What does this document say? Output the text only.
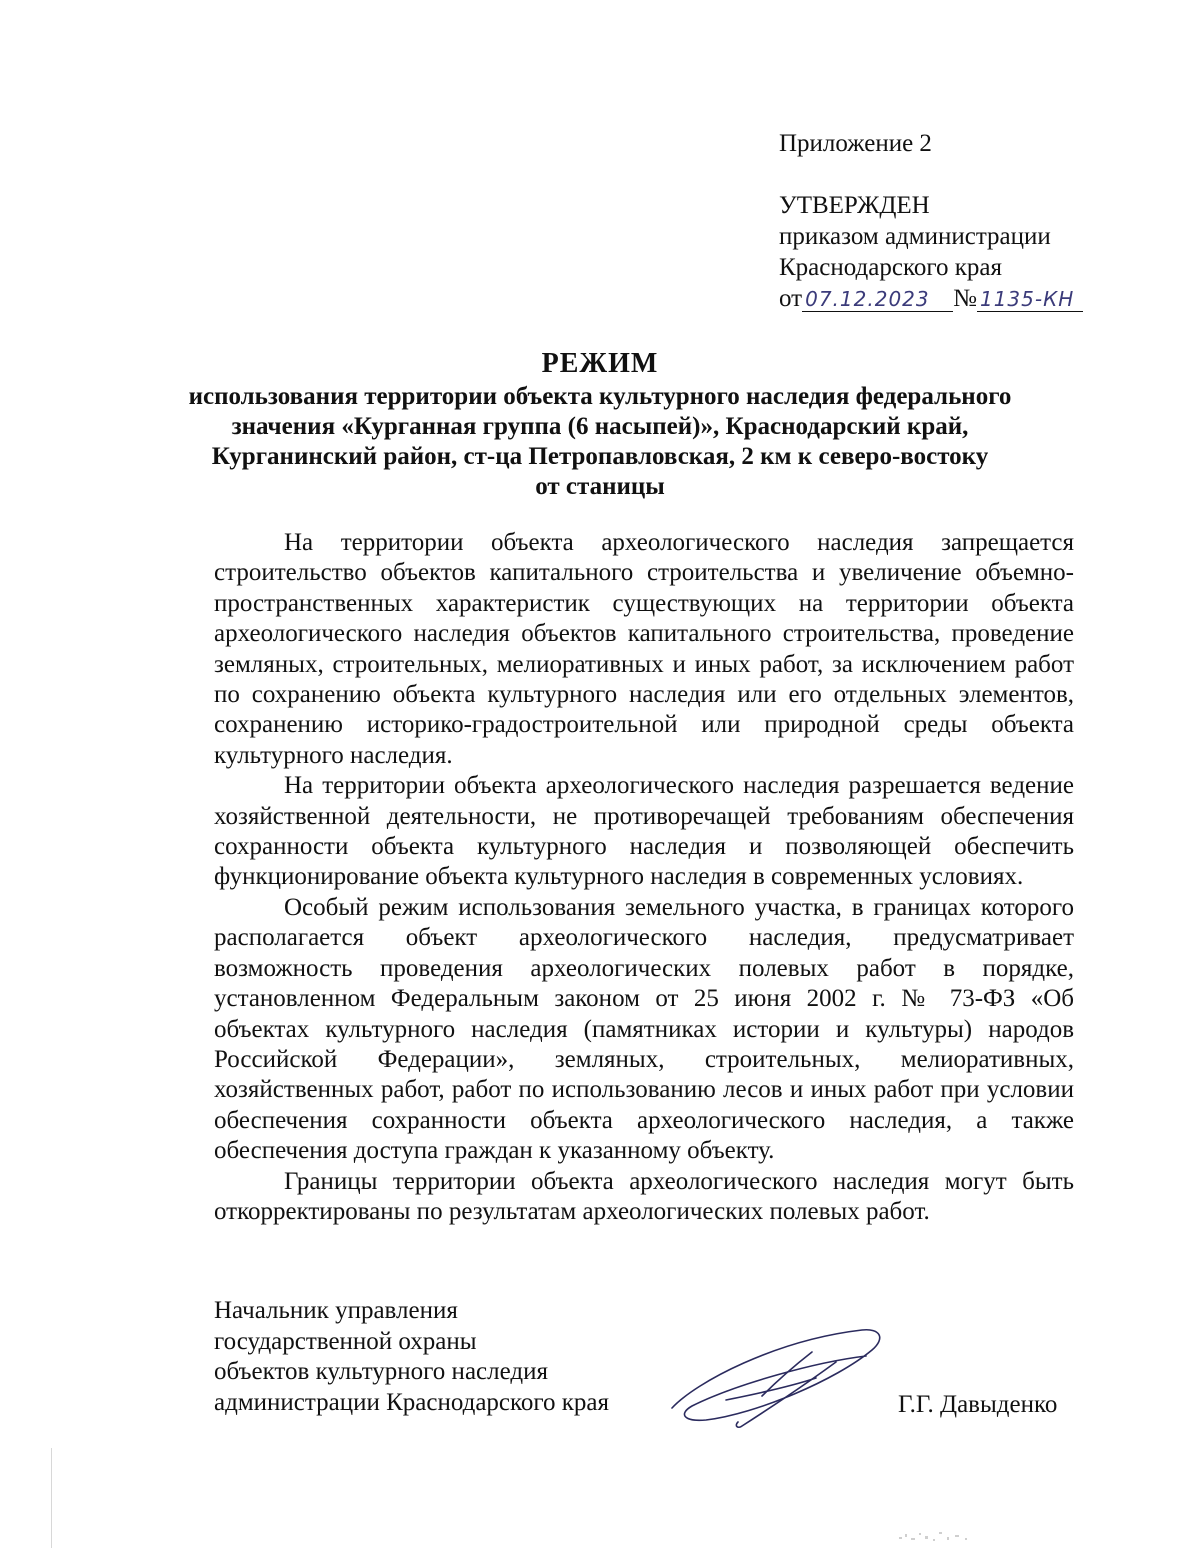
Приложение 2
УТВЕРЖДЕН
приказом администрации
Краснодарского края
от 07.12.2023 № 1135-КН
РЕЖИМ
использования территории объекта культурного наследия федерального
значения «Курганная группа (6 насыпей)», Краснодарский край,
Курганинский район, ст-ца Петропавловская, 2 км к северо-востоку
от станицы

На территории объекта археологического наследия запрещается строительство объектов капитального строительства и увеличение объемно-пространственных характеристик существующих на территории объекта археологического наследия объектов капитального строительства, проведение земляных, строительных, мелиоративных и иных работ, за исключением работ по сохранению объекта культурного наследия или его отдельных элементов, сохранению историко-градостроительной или природной среды объекта культурного наследия.

На территории объекта археологического наследия разрешается ведение хозяйственной деятельности, не противоречащей требованиям обеспечения сохранности объекта культурного наследия и позволяющей обеспечить функционирование объекта культурного наследия в современных условиях.

Особый режим использования земельного участка, в границах которого располагается объект археологического наследия, предусматривает возможность проведения археологических полевых работ в порядке, установленном Федеральным законом от 25 июня 2002 г. № 73-ФЗ «Об объектах культурного наследия (памятниках истории и культуры) народов Российской Федерации», земляных, строительных, мелиоративных, хозяйственных работ, работ по использованию лесов и иных работ при условии обеспечения сохранности объекта археологического наследия, а также обеспечения доступа граждан к указанному объекту.

Границы территории объекта археологического наследия могут быть откорректированы по результатам археологических полевых работ.

Начальник управления
государственной охраны
объектов культурного наследия
администрации Краснодарского края	Г.Г. Давыденко
